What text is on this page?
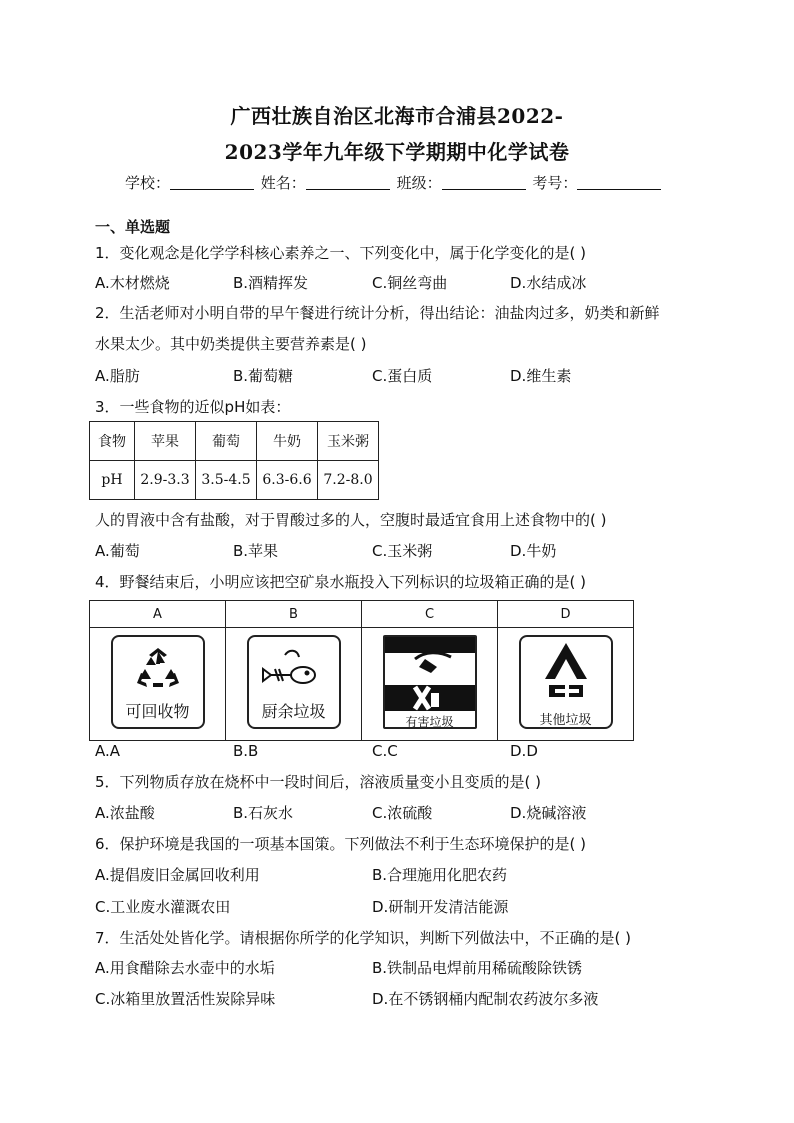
广西壮族自治区北海市合浦县2022-
2023学年九年级下学期期中化学试卷
学校：	姓名：	班级：	考号：
一、单选题
1．变化观念是化学学科核心素养之一、下列变化中，属于化学变化的是( )
A.木材燃烧	B.酒精挥发	C.铜丝弯曲	D.水结成冰
2．生活老师对小明自带的早午餐进行统计分析，得出结论：油盐肉过多，奶类和新鲜
水果太少。其中奶类提供主要营养素是( )
A.脂肪	B.葡萄糖	C.蛋白质	D.维生素
3．一些食物的近似pH如表：
食物	苹果	葡萄	牛奶	玉米粥
pH	2.9-3.3	3.5-4.5	6.3-6.6	7.2-8.0
人的胃液中含有盐酸，对于胃酸过多的人，空腹时最适宜食用上述食物中的( )
A.葡萄	B.苹果	C.玉米粥	D.牛奶
4．野餐结束后，小明应该把空矿泉水瓶投入下列标识的垃圾箱正确的是( )
A	B	C	D

可回收物	厨余垃圾	有害垃圾	其他垃圾
A.A	B.B	C.C	D.D
5．下列物质存放在烧杯中一段时间后，溶液质量变小且变质的是( )
A.浓盐酸	B.石灰水	C.浓硫酸	D.烧碱溶液
6．保护环境是我国的一项基本国策。下列做法不利于生态环境保护的是( )
A.提倡废旧金属回收利用	B.合理施用化肥农药
C.工业废水灌溉农田	D.研制开发清洁能源
7．生活处处皆化学。请根据你所学的化学知识，判断下列做法中，不正确的是( )
A.用食醋除去水壶中的水垢	B.铁制品电焊前用稀硫酸除铁锈
C.冰箱里放置活性炭除异味	D.在不锈钢桶内配制农药波尔多液
